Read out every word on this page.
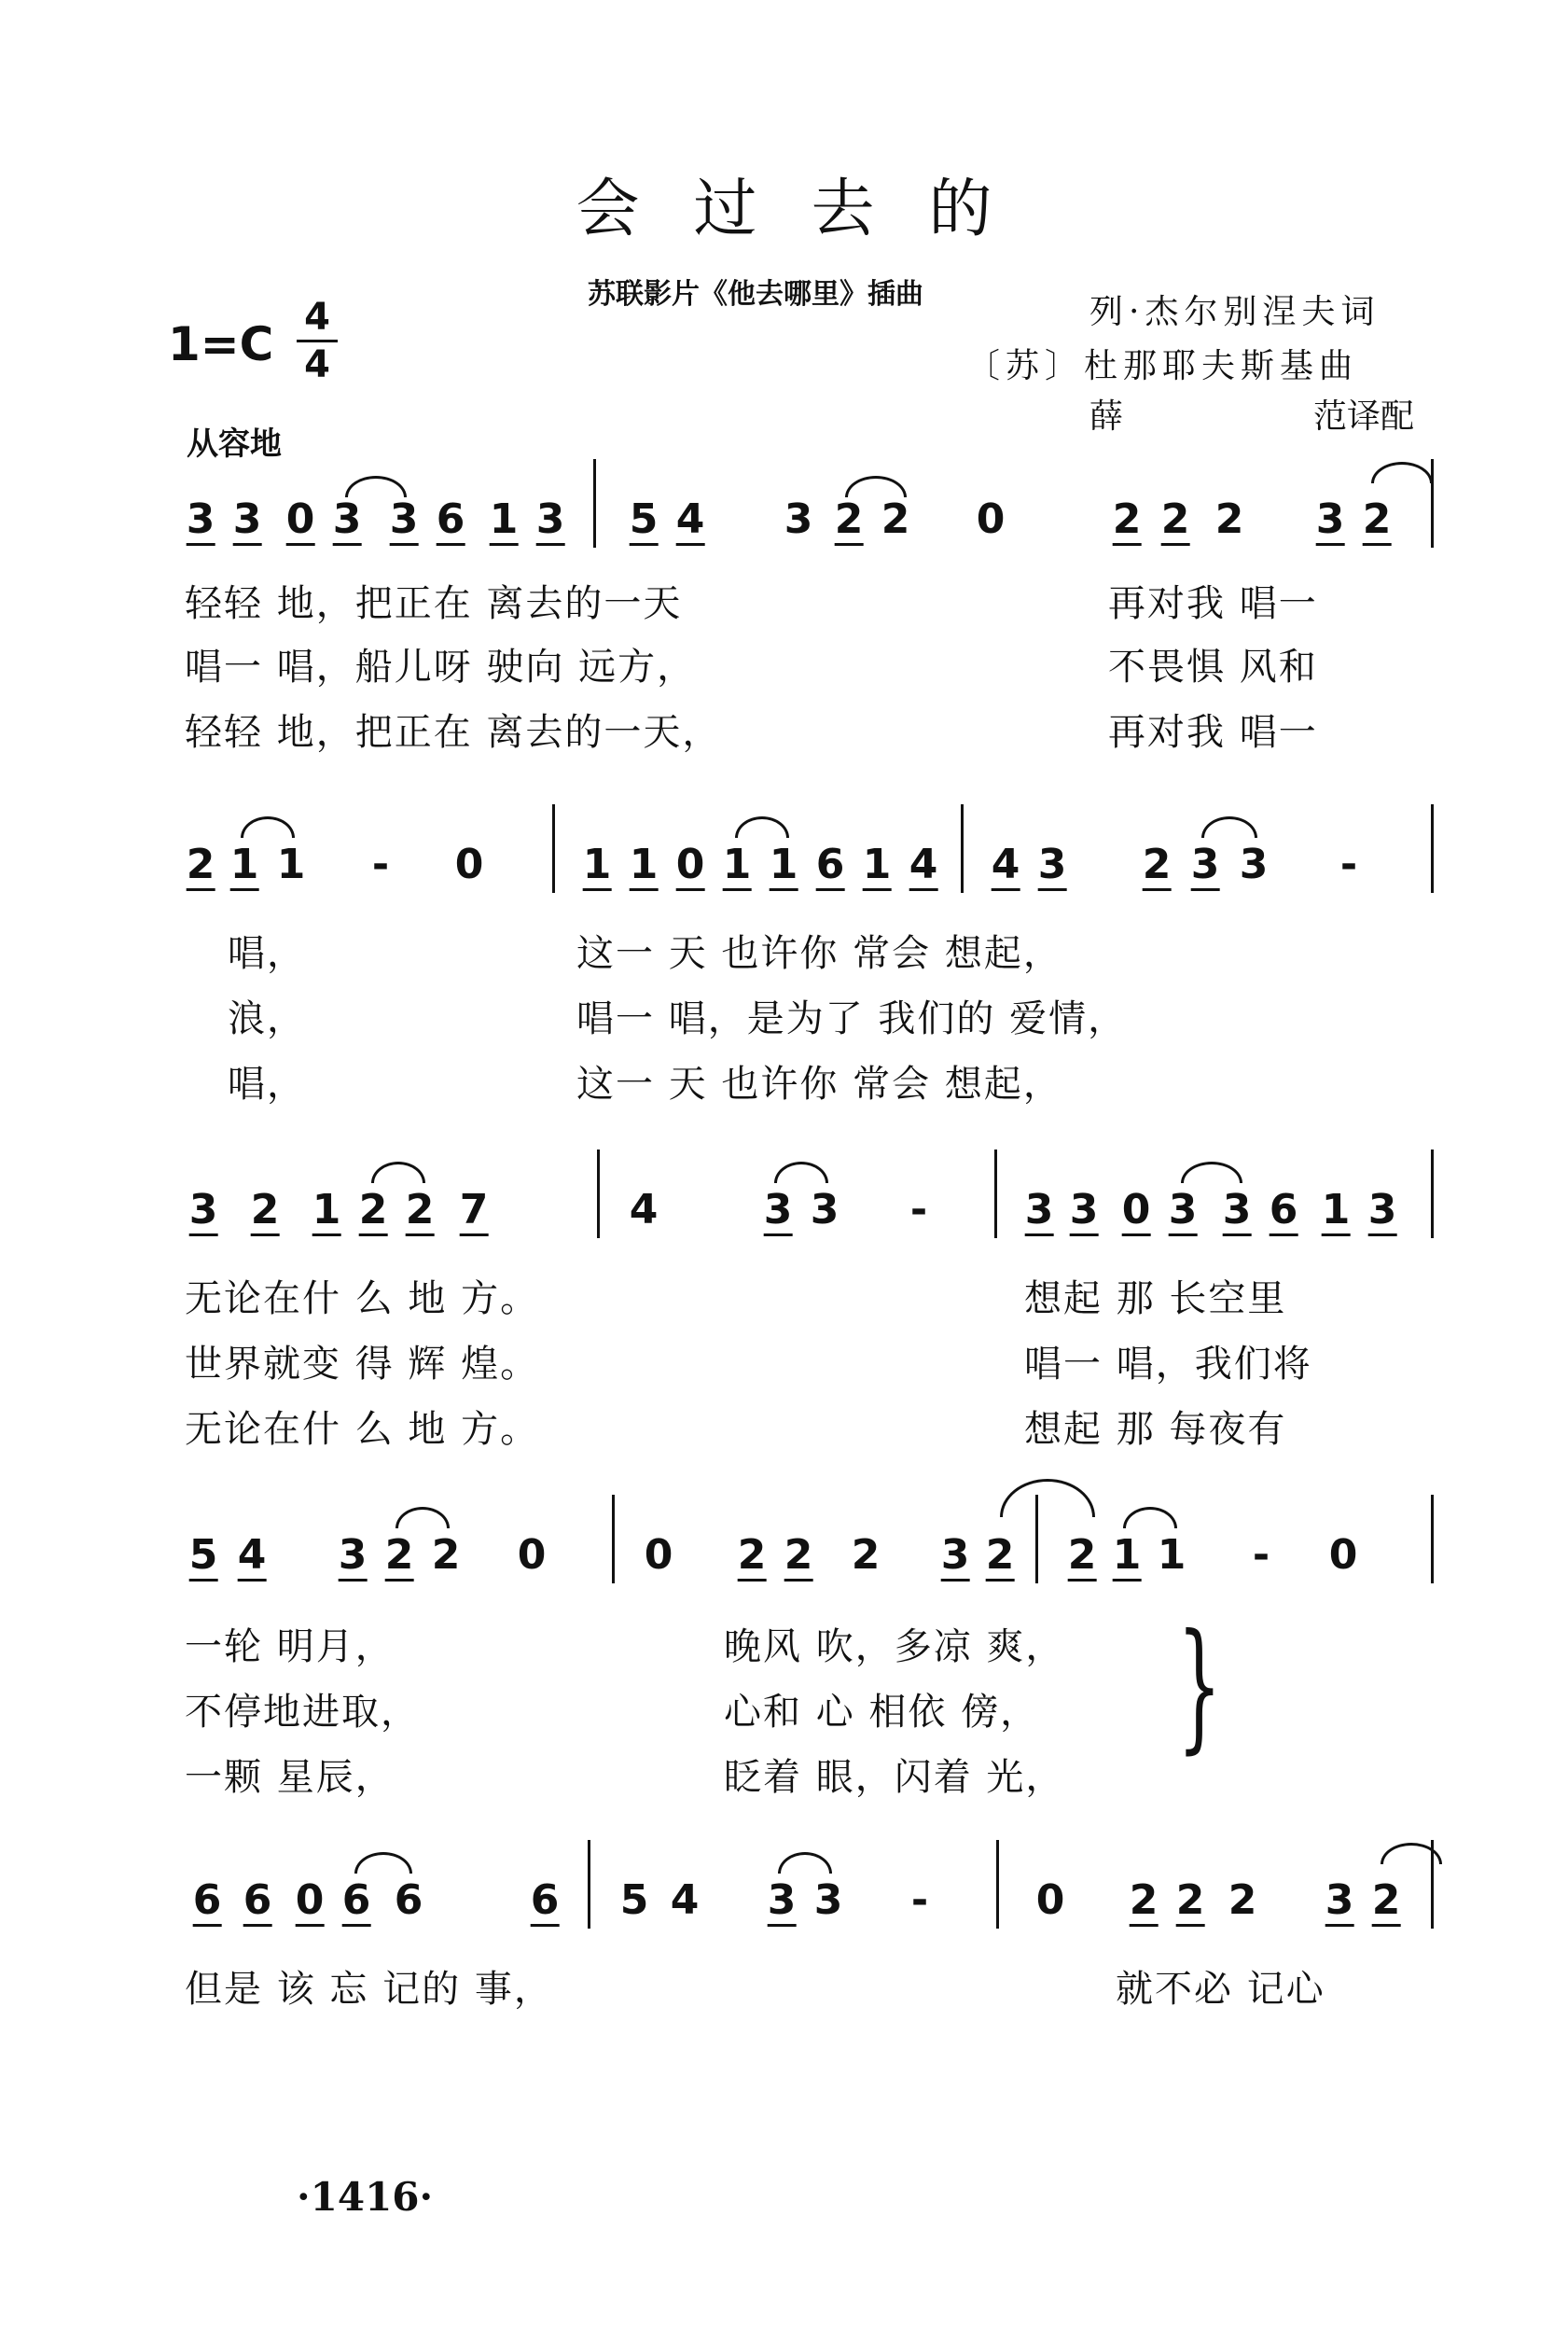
会过去的
苏联影片《他去哪里》插曲	列·杰尔别涅夫词
〔苏〕杜那耶夫斯基曲
薛	范译配
1=C 4
4
从容地
3 3 0 3 3 6 1 3 5 4 3 2 2 0	2 2 2 3 2
轻轻 地，把正在 离去的一天
唱一 唱，船儿呀 驶向 远方，
轻轻 地，把正在 离去的一天，
再对我 唱一
不畏惧 风和
再对我 唱一
2 1 1 - 0 1 1 0 1 1 6 1 4 4 3 2 3 3 -
唱，
浪，
唱，
这一 天 也许你 常会 想起，
唱一 唱，是为了 我们的 爱情，
这一 天 也许你 常会 想起，
3 2 1 2 2 7	4	3 3 - 3 3 0 3 3 6 1 3
无论在什 么 地 方。
世界就变 得 辉 煌。
无论在什 么 地 方。
想起 那 长空里
唱一 唱，我们将
想起 那 每夜有
5 4 3 2 2 0 0 2 2 2 3 2 2 1 1 - 0
一轮 明月，
不停地进取，
一颗 星辰，
晚风 吹，多凉 爽，
心和 心 相依 傍，
眨着 眼，闪着 光，
}
6 6 0 6 6	6 5 4 3 3 -	0 2 2 2 3 2
但是 该 忘 记的 事，	就不必 记心
·1416·
